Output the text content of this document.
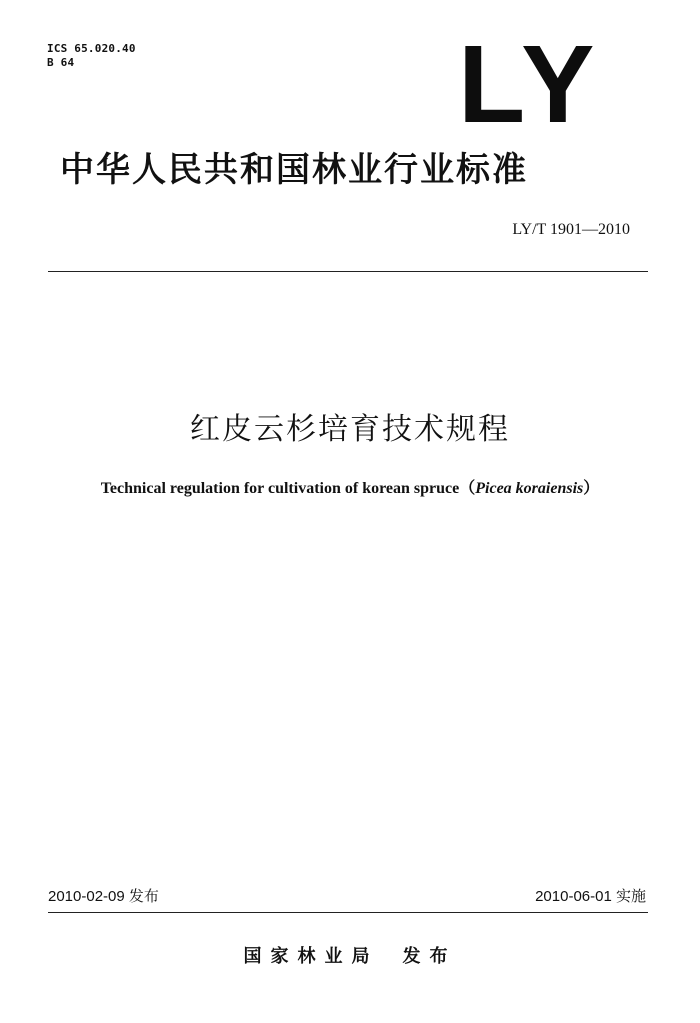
ICS 65.020.40
B 64	LY
中华人民共和国林业行业标准
LY/T 1901—2010
红皮云杉培育技术规程
Technical regulation for cultivation of korean spruce（Picea koraiensis）
2010-02-09 发布	2010-06-01 实施
国家林业局 发布
